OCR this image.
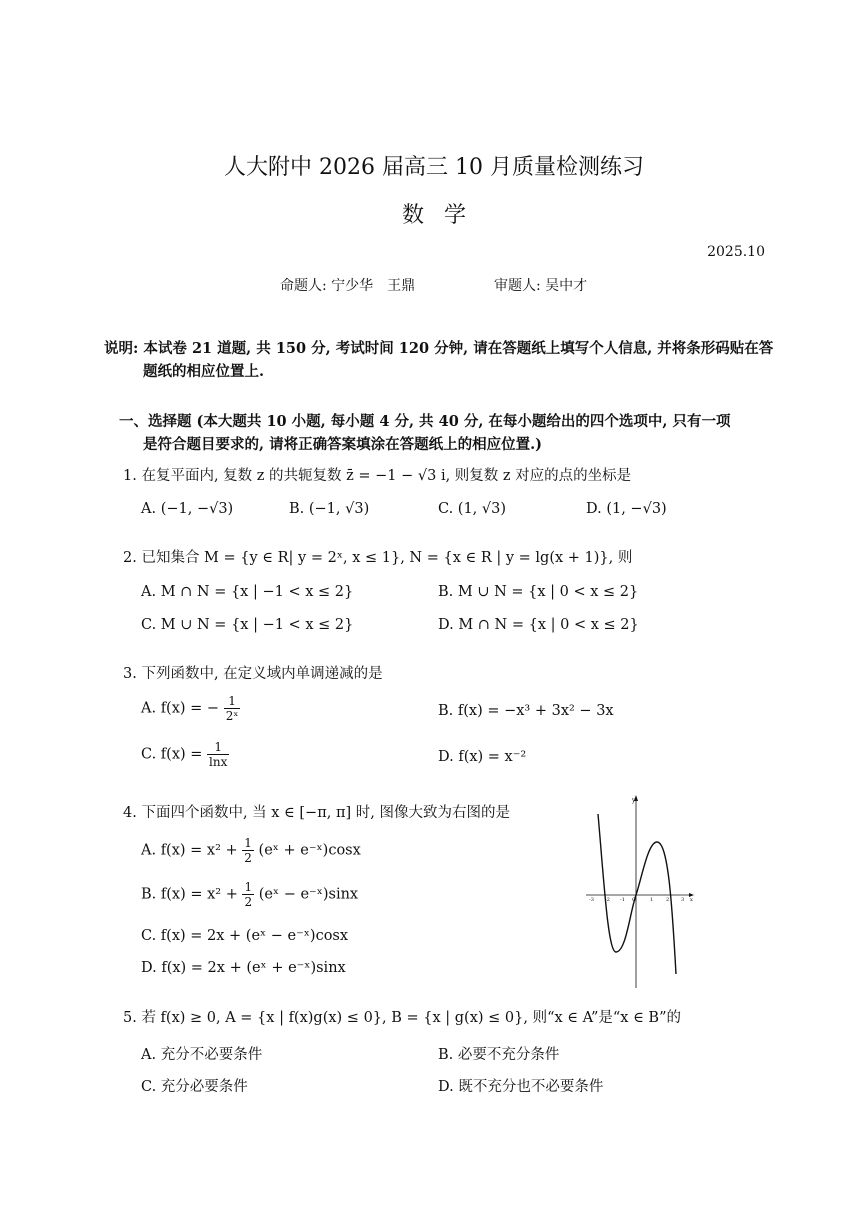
人大附中 2026 届高三 10 月质量检测练习
数学
2025.10
命题人: 宁少华　王鼎	审题人: 吴中才
说明: 本试卷 21 道题, 共 150 分, 考试时间 120 分钟, 请在答题纸上填写个人信息, 并将条形码贴在答
题纸的相应位置上.
一、选择题 (本大题共 10 小题, 每小题 4 分, 共 40 分, 在每小题给出的四个选项中, 只有一项
是符合题目要求的, 请将正确答案填涂在答题纸上的相应位置.)
1. 在复平面内, 复数 z 的共轭复数 z̄ = −1 − √3 i, 则复数 z 对应的点的坐标是
A. (−1, −√3)	B. (−1, √3)	C. (1, √3)	D. (1, −√3)
2. 已知集合 M = {y ∈ R| y = 2ˣ, x ≤ 1}, N = {x ∈ R | y = lg(x + 1)}, 则
A. M ∩ N = {x | −1 < x ≤ 2}	B. M ∪ N = {x | 0 < x ≤ 2}
C. M ∪ N = {x | −1 < x ≤ 2}	D. M ∩ N = {x | 0 < x ≤ 2}
3. 下列函数中, 在定义域内单调递减的是
A. f(x) = − $\frac{1}{\text{2ˣ}}$	B. f(x) = −x³ + 3x² − 3x
C. $f(x) = \frac{1}{\ln x}$	D. f(x) = x⁻²
4. 下面四个函数中, 当 x ∈ [−π, π] 时, 图像大致为右图的是
A. $f(x) = x^2 + \frac{1}{2}$ (eˣ + e⁻ˣ)cosx
B. $f(x) = x^2 + \frac{1}{2}$ (eˣ − e⁻ˣ)sinx
C. f(x) = 2x + (eˣ − e⁻ˣ)cosx
D. f(x) = 2x + (eˣ + e⁻ˣ)sinx
y
-3 -2 -1 O	1	2 3 x
5. 若 f(x) ≥ 0, A = {x | f(x)g(x) ≤ 0}, B = {x | g(x) ≤ 0}, 则“x ∈ A”是“x ∈ B”的
A. 充分不必要条件	B. 必要不充分条件
C. 充分必要条件	D. 既不充分也不必要条件
